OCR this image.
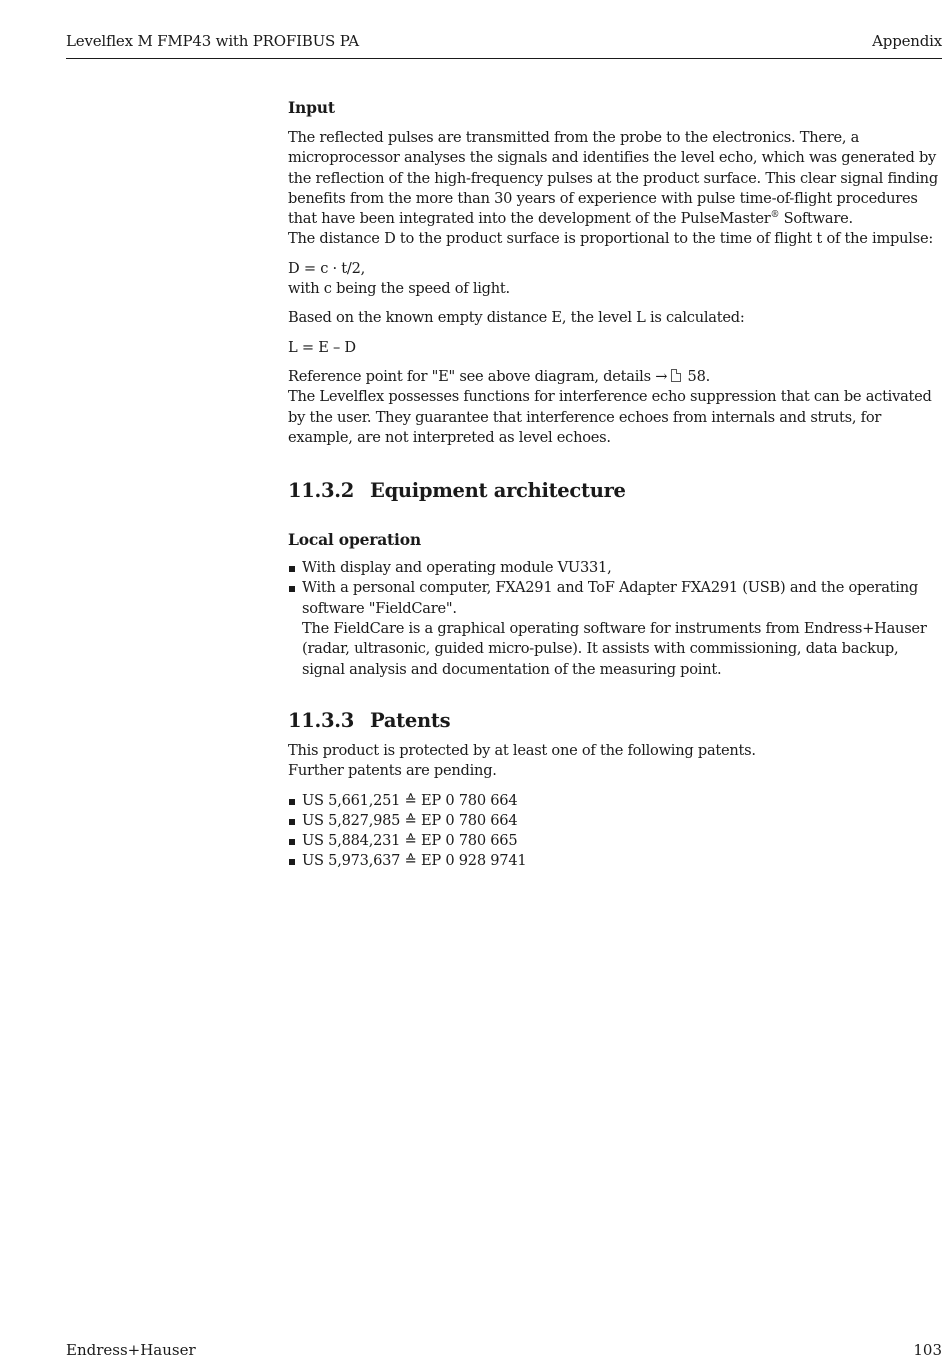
Levelflex M FMP43 with PROFIBUS PA	Appendix
Input

The reflected pulses are transmitted from the probe to the electronics. There, a microprocessor analyses the signals and identifies the level echo, which was generated by the reflection of the high-frequency pulses at the product surface. This clear signal finding benefits from the more than 30 years of experience with pulse time-of-flight procedures that have been integrated into the development of the PulseMaster® Software.

The distance D to the product surface is proportional to the time of flight t of the impulse:

D = c · t/2,

with c being the speed of light.

Based on the known empty distance E, the level L is calculated:

L = E – D

Reference point for "E" see above diagram, details → 58.

The Levelflex possesses functions for interference echo suppression that can be activated by the user. They guarantee that interference echoes from internals and struts, for example, are not interpreted as level echoes.

11.3.2 Equipment architecture
Local operation
With display and operating module VU331,
With a personal computer, FXA291 and ToF Adapter FXA291 (USB) and the operating software "FieldCare".
The FieldCare is a graphical operating software for instruments from Endress+Hauser (radar, ultrasonic, guided micro-pulse). It assists with commissioning, data backup, signal analysis and documentation of the measuring point.
11.3.3 Patents

This product is protected by at least one of the following patents.

Further patents are pending.

US 5,661,251 ≙ EP 0 780 664
US 5,827,985 ≙ EP 0 780 664
US 5,884,231 ≙ EP 0 780 665
US 5,973,637 ≙ EP 0 928 9741
Endress+Hauser	103
